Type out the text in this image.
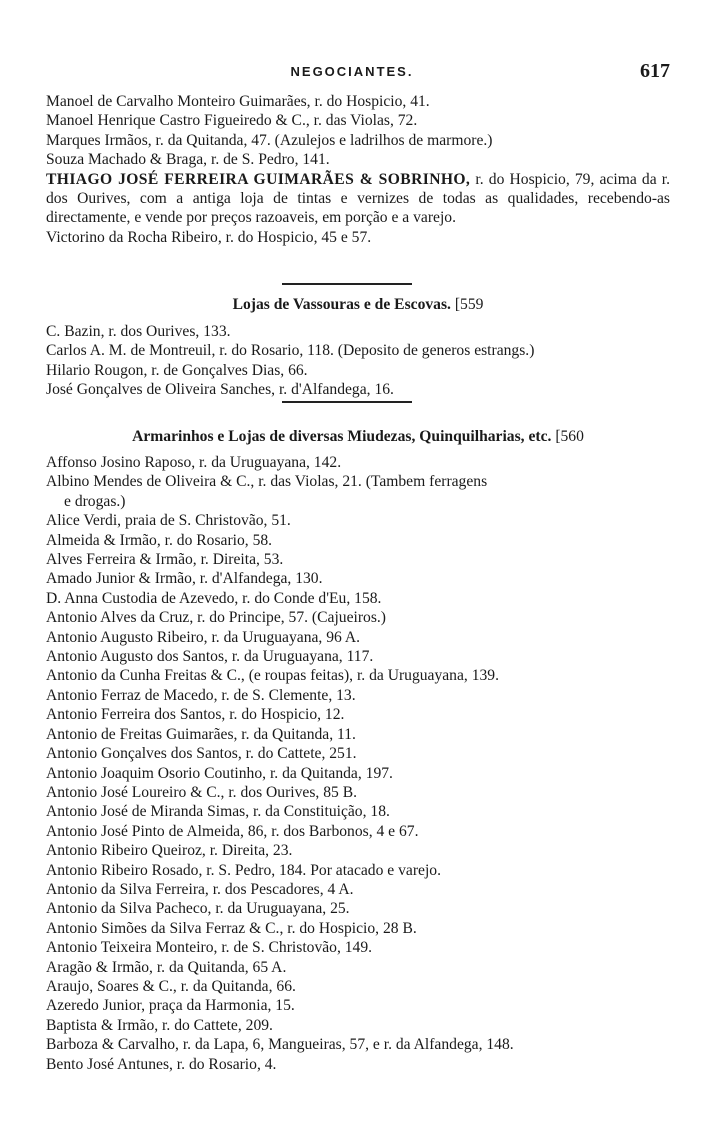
NEGOCIANTES.	617
Manoel de Carvalho Monteiro Guimarães, r. do Hospicio, 41.
Manoel Henrique Castro Figueiredo & C., r. das Violas, 72.
Marques Irmãos, r. da Quitanda, 47. (Azulejos e ladrilhos de marmore.)
Souza Machado & Braga, r. de S. Pedro, 141.
THIAGO JOSÉ FERREIRA GUIMARÃES & SOBRINHO, r. do Hospicio, 79, acima da r. dos Ourives, com a antiga loja de tintas e vernizes de todas as qualidades, recebendo-as directamente, e vende por preços razoaveis, em porção e a varejo.
Victorino da Rocha Ribeiro, r. do Hospicio, 45 e 57.
Lojas de Vassouras e de Escovas. [559
C. Bazin, r. dos Ourives, 133.
Carlos A. M. de Montreuil, r. do Rosario, 118. (Deposito de generos estrangs.)
Hilario Rougon, r. de Gonçalves Dias, 66.
José Gonçalves de Oliveira Sanches, r. d'Alfandega, 16.
Armarinhos e Lojas de diversas Miudezas, Quinquilharias, etc. [560
Affonso Josino Raposo, r. da Uruguayana, 142.
Albino Mendes de Oliveira & C., r. das Violas, 21. (Tambem ferragens
e drogas.)
Alice Verdi, praia de S. Christovão, 51.
Almeida & Irmão, r. do Rosario, 58.
Alves Ferreira & Irmão, r. Direita, 53.
Amado Junior & Irmão, r. d'Alfandega, 130.
D. Anna Custodia de Azevedo, r. do Conde d'Eu, 158.
Antonio Alves da Cruz, r. do Principe, 57. (Cajueiros.)
Antonio Augusto Ribeiro, r. da Uruguayana, 96 A.
Antonio Augusto dos Santos, r. da Uruguayana, 117.
Antonio da Cunha Freitas & C., (e roupas feitas), r. da Uruguayana, 139.
Antonio Ferraz de Macedo, r. de S. Clemente, 13.
Antonio Ferreira dos Santos, r. do Hospicio, 12.
Antonio de Freitas Guimarães, r. da Quitanda, 11.
Antonio Gonçalves dos Santos, r. do Cattete, 251.
Antonio Joaquim Osorio Coutinho, r. da Quitanda, 197.
Antonio José Loureiro & C., r. dos Ourives, 85 B.
Antonio José de Miranda Simas, r. da Constituição, 18.
Antonio José Pinto de Almeida, 86, r. dos Barbonos, 4 e 67.
Antonio Ribeiro Queiroz, r. Direita, 23.
Antonio Ribeiro Rosado, r. S. Pedro, 184. Por atacado e varejo.
Antonio da Silva Ferreira, r. dos Pescadores, 4 A.
Antonio da Silva Pacheco, r. da Uruguayana, 25.
Antonio Simões da Silva Ferraz & C., r. do Hospicio, 28 B.
Antonio Teixeira Monteiro, r. de S. Christovão, 149.
Aragão & Irmão, r. da Quitanda, 65 A.
Araujo, Soares & C., r. da Quitanda, 66.
Azeredo Junior, praça da Harmonia, 15.
Baptista & Irmão, r. do Cattete, 209.
Barboza & Carvalho, r. da Lapa, 6, Mangueiras, 57, e r. da Alfandega, 148.
Bento José Antunes, r. do Rosario, 4.
